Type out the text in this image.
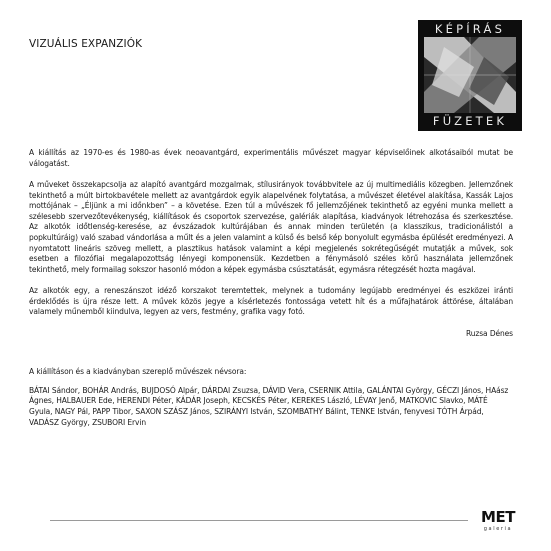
VIZUÁLIS EXPANZIÓK
KÉPÍRÁS
FÜZETEK

A kiállítás az 1970-es és 1980-as évek neoavantgárd, experimentális művészet magyar képviselőinek alkotásaiból mutat be válogatást.

A műveket összekapcsolja az alapító avantgárd mozgalmak, stílusirányok továbbvitele az új multimediális közegben. Jellemzőnek tekinthető a múlt birtokbavétele mellett az avantgárdok egyik alapelvének folytatása, a művészet életével alakítása, Kassák Lajos mottójának – „Éljünk a mi időnkben” – a követése. Ezen túl a művészek fő jellemzőjének tekinthető az egyéni munka mellett a szélesebb szervezőtevékenység, kiállítások és csoportok szervezése, galériák alapítása, kiadványok létrehozása és szerkesztése. Az alkotók időtlenség-keresése, az évszázadok kultúrájában és annak minden területén (a klasszikus, tradicionálistól a popkultúráig) való szabad vándorlása a műlt és a jelen valamint a külső és belső kép bonyolult egymásba épülését eredményezi. A nyomtatott lineáris szöveg mellett, a plasztikus hatások valamint a képi megjelenés sokrétegűségét mutatják a művek, sok esetben a filozófiai megalapozottság lényegi komponensük. Kezdetben a fénymásoló széles körű használata jellemzőnek tekinthető, mely formailag sokszor hasonló módon a képek egymásba csúsztatását, egymásra rétegzését hozta magával.

Az alkotók egy, a reneszánszot idéző korszakot teremtettek, melynek a tudomány legújabb eredményei és eszközei iránti érdeklődés is újra része lett. A művek közös jegye a kísérletezés fontossága vetett hít és a műfajhatárok áttörése, általában valamely műnemből kiindulva, legyen az vers, festmény, grafika vagy fotó.

Ruzsa Dénes

A kiállításon és a kiadványban szereplő művészek névsora:

BÁTAI Sándor, BOHÁR András, BUJDOSÓ Alpár, DÁRDAI Zsuzsa, DÁVID Vera, CSERNIK Attila, GALÁNTAI György, GÉCZI János, HAász Ágnes, HALBAUER Ede, HERENDI Péter, KÁDÁR Joseph, KECSKÉS Péter, KEREKES László, LÉVAY Jenő, MATKOVIC Slavko, MÁTÉ Gyula, NAGY Pál, PAPP Tibor, SAXON SZÁSZ János, SZIRÁNYI István, SZOMBATHY Bálint, TENKE István, fenyvesi TÓTH Árpád, VADÁSZ György, ZSUBORI Ervin

MET
galeria
